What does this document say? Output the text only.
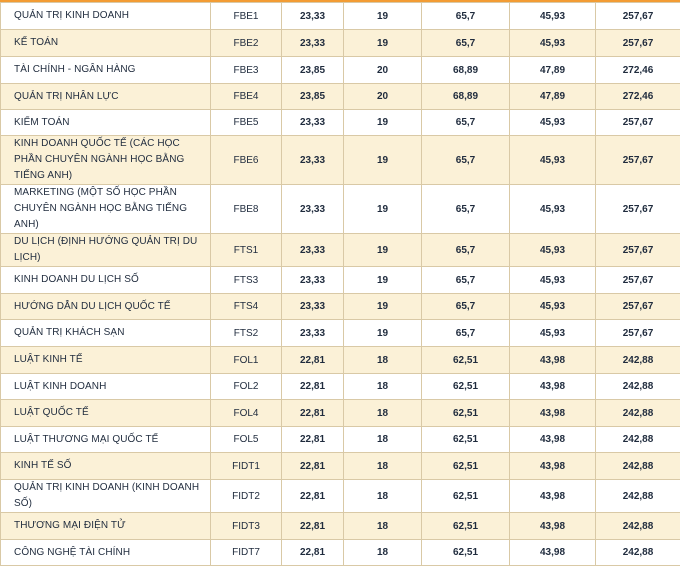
QUẢN TRỊ KINH DOANH	FBE1	23,33	19	65,7	45,93	257,67
KẾ TOÁN	FBE2	23,33	19	65,7	45,93	257,67
TÀI CHÍNH - NGÂN HÀNG	FBE3	23,85	20	68,89	47,89	272,46
QUẢN TRỊ NHÂN LỰC	FBE4	23,85	20	68,89	47,89	272,46
KIỂM TOÁN	FBE5	23,33	19	65,7	45,93	257,67
KINH DOANH QUỐC TẾ (CÁC HỌC PHẦN CHUYÊN NGÀNH HỌC BẰNG TIẾNG ANH)	FBE6	23,33	19	65,7	45,93	257,67
MARKETING (MỘT SỐ HỌC PHẦN CHUYÊN NGÀNH HỌC BẰNG TIẾNG ANH)	FBE8	23,33	19	65,7	45,93	257,67
DU LỊCH (ĐỊNH HƯỚNG QUẢN TRỊ DU LỊCH)	FTS1	23,33	19	65,7	45,93	257,67
KINH DOANH DU LỊCH SỐ	FTS3	23,33	19	65,7	45,93	257,67
HƯỚNG DẪN DU LỊCH QUỐC TẾ	FTS4	23,33	19	65,7	45,93	257,67
QUẢN TRỊ KHÁCH SẠN	FTS2	23,33	19	65,7	45,93	257,67
LUẬT KINH TẾ	FOL1	22,81	18	62,51	43,98	242,88
LUẬT KINH DOANH	FOL2	22,81	18	62,51	43,98	242,88
LUẬT QUỐC TẾ	FOL4	22,81	18	62,51	43,98	242,88
LUẬT THƯƠNG MẠI QUỐC TẾ	FOL5	22,81	18	62,51	43,98	242,88
KINH TẾ SỐ	FIDT1	22,81	18	62,51	43,98	242,88
QUẢN TRỊ KINH DOANH (KINH DOANH SỐ)	FIDT2	22,81	18	62,51	43,98	242,88
THƯƠNG MẠI ĐIỆN TỬ	FIDT3	22,81	18	62,51	43,98	242,88
CÔNG NGHỆ TÀI CHÍNH	FIDT7	22,81	18	62,51	43,98	242,88
